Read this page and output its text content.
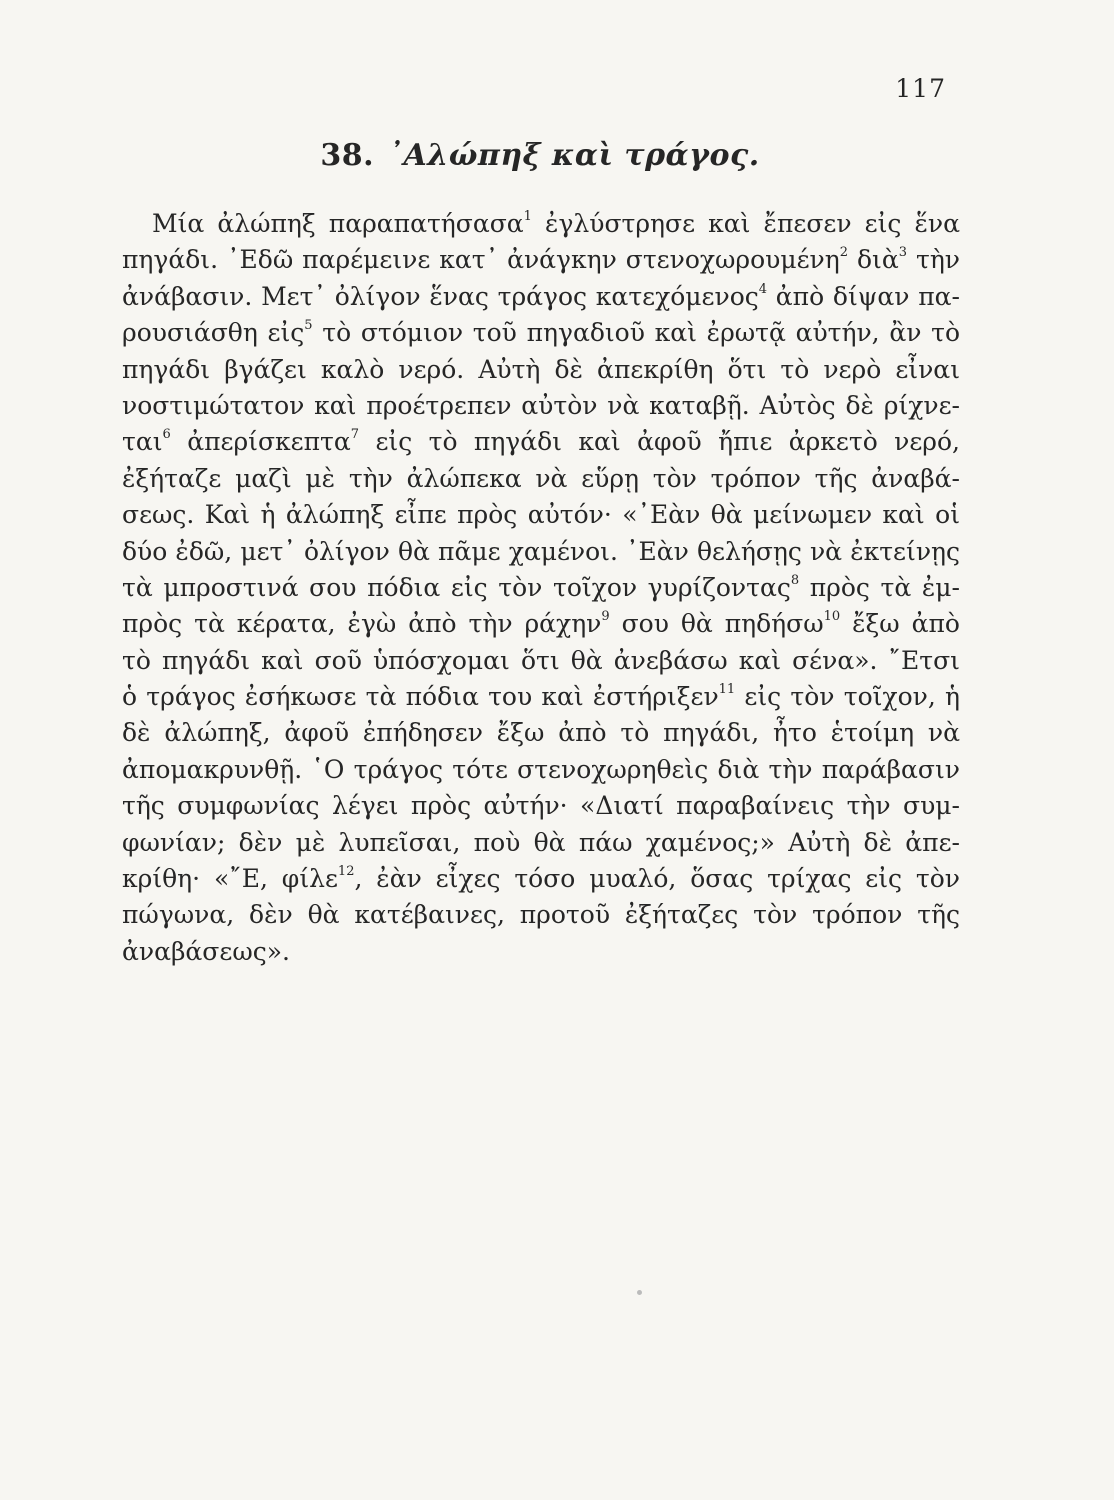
117
38. ᾽Αλώπηξ καὶ τράγος.
Μία ἀλώπηξ παραπατήσασα$^1$ ἐγλύστρησε καὶ ἔπεσεν εἰς ἕνα
πηγάδι. ᾽Εδῶ παρέμεινε κατ᾽ ἀνάγκην στενοχωρουμένη$^2$ διὰ$^3$ τὴν
ἀνάβασιν. Μετ᾽ ὀλίγον ἕνας τράγος κατεχόμενος$^4$ ἀπὸ δίψαν πα-
ρουσιάσθη εἰς$^5$ τὸ στόμιον τοῦ πηγαδιοῦ καὶ ἐρωτᾷ αὐτήν, ἂν τὸ
πηγάδι βγάζει καλὸ νερό. Αὐτὴ δὲ ἀπεκρίθη ὅτι τὸ νερὸ εἶναι
νοστιμώτατον καὶ προέτρεπεν αὐτὸν νὰ καταβῇ. Αὐτὸς δὲ ρίχνε-
ται$^6$ ἀπερίσκεπτα$^7$ εἰς τὸ πηγάδι καὶ ἀφοῦ ἤπιε ἀρκετὸ νερό,
ἐξήταζε μαζὶ μὲ τὴν ἀλώπεκα νὰ εὕρῃ τὸν τρόπον τῆς ἀναβά-
σεως. Καὶ ἡ ἀλώπηξ εἶπε πρὸς αὐτόν· «᾽Εὰν θὰ μείνωμεν καὶ οἱ
δύο ἐδῶ, μετ᾽ ὀλίγον θὰ πᾶμε χαμένοι. ᾽Εὰν θελήσῃς νὰ ἐκτείνῃς
τὰ μπροστινά σου πόδια εἰς τὸν τοῖχον γυρίζοντας$^8$ πρὸς τὰ ἐμ-
πρὸς τὰ κέρατα, ἐγὼ ἀπὸ τὴν ράχην$^9$ σου θὰ πηδήσω$^{10}$ ἔξω ἀπὸ
τὸ πηγάδι καὶ σοῦ ὑπόσχομαι ὅτι θὰ ἀνεβάσω καὶ σένα». ῎Ετσι
ὁ τράγος ἐσήκωσε τὰ πόδια του καὶ ἐστήριξεν$^{11}$ εἰς τὸν τοῖχον, ἡ
δὲ ἀλώπηξ, ἀφοῦ ἐπήδησεν ἔξω ἀπὸ τὸ πηγάδι, ἦτο ἑτοίμη νὰ
ἀπομακρυνθῇ. ῾Ο τράγος τότε στενοχωρηθεὶς διὰ τὴν παράβασιν
τῆς συμφωνίας λέγει πρὸς αὐτήν· «Διατί παραβαίνεις τὴν συμ-
φωνίαν; δὲν μὲ λυπεῖσαι, ποὺ θὰ πάω χαμένος;» Αὐτὴ δὲ ἀπε-
κρίθη· «῎Ε, φίλε$^{12}$, ἐὰν εἶχες τόσο μυαλό, ὅσας τρίχας εἰς τὸν
πώγωνα, δὲν θὰ κατέβαινες, προτοῦ ἐξήταζες τὸν τρόπον τῆς
ἀναβάσεως».
